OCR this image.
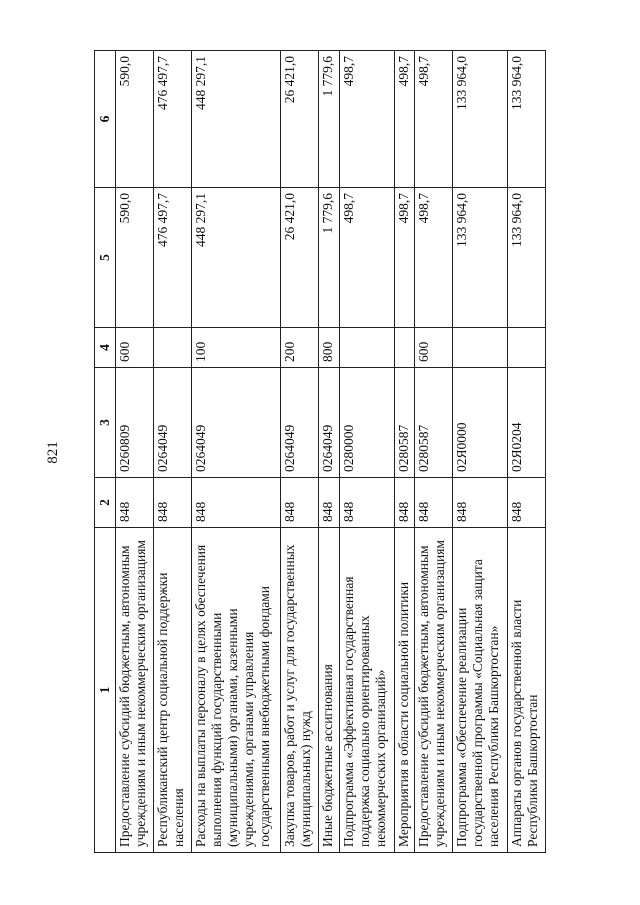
821
1	2	3	4	5	6
Предоставление субсидий бюджетным, автономным учреждениям и иным некоммерческим организациям	848	0260809	600	590,0	590,0
Республиканский центр социальной поддержки населения	848	0264049		476 497,7	476 497,7
Расходы на выплаты персоналу в целях обеспечения выполнения функций государственными (муниципальными) органами, казенными учреждениями, органами управления государственными внебюджетными фондами	848	0264049	100	448 297,1	448 297,1
Закупка товаров, работ и услуг для государственных (муниципальных) нужд	848	0264049	200	26 421,0	26 421,0
Иные бюджетные ассигнования	848	0264049	800	1 779,6	1 779,6
Подпрограмма «Эффективная государственная поддержка социально ориентированных некоммерческих организаций»	848	0280000		498,7	498,7
Мероприятия в области социальной политики	848	0280587		498,7	498,7
Предоставление субсидий бюджетным, автономным учреждениям и иным некоммерческим организациям	848	0280587	600	498,7	498,7
Подпрограмма «Обеспечение реализации государственной программы «Социальная защита населения Республики Башкортостан»	848	02Я0000		133 964,0	133 964,0
Аппараты органов государственной власти Республики Башкортостан	848	02Я0204		133 964,0	133 964,0
